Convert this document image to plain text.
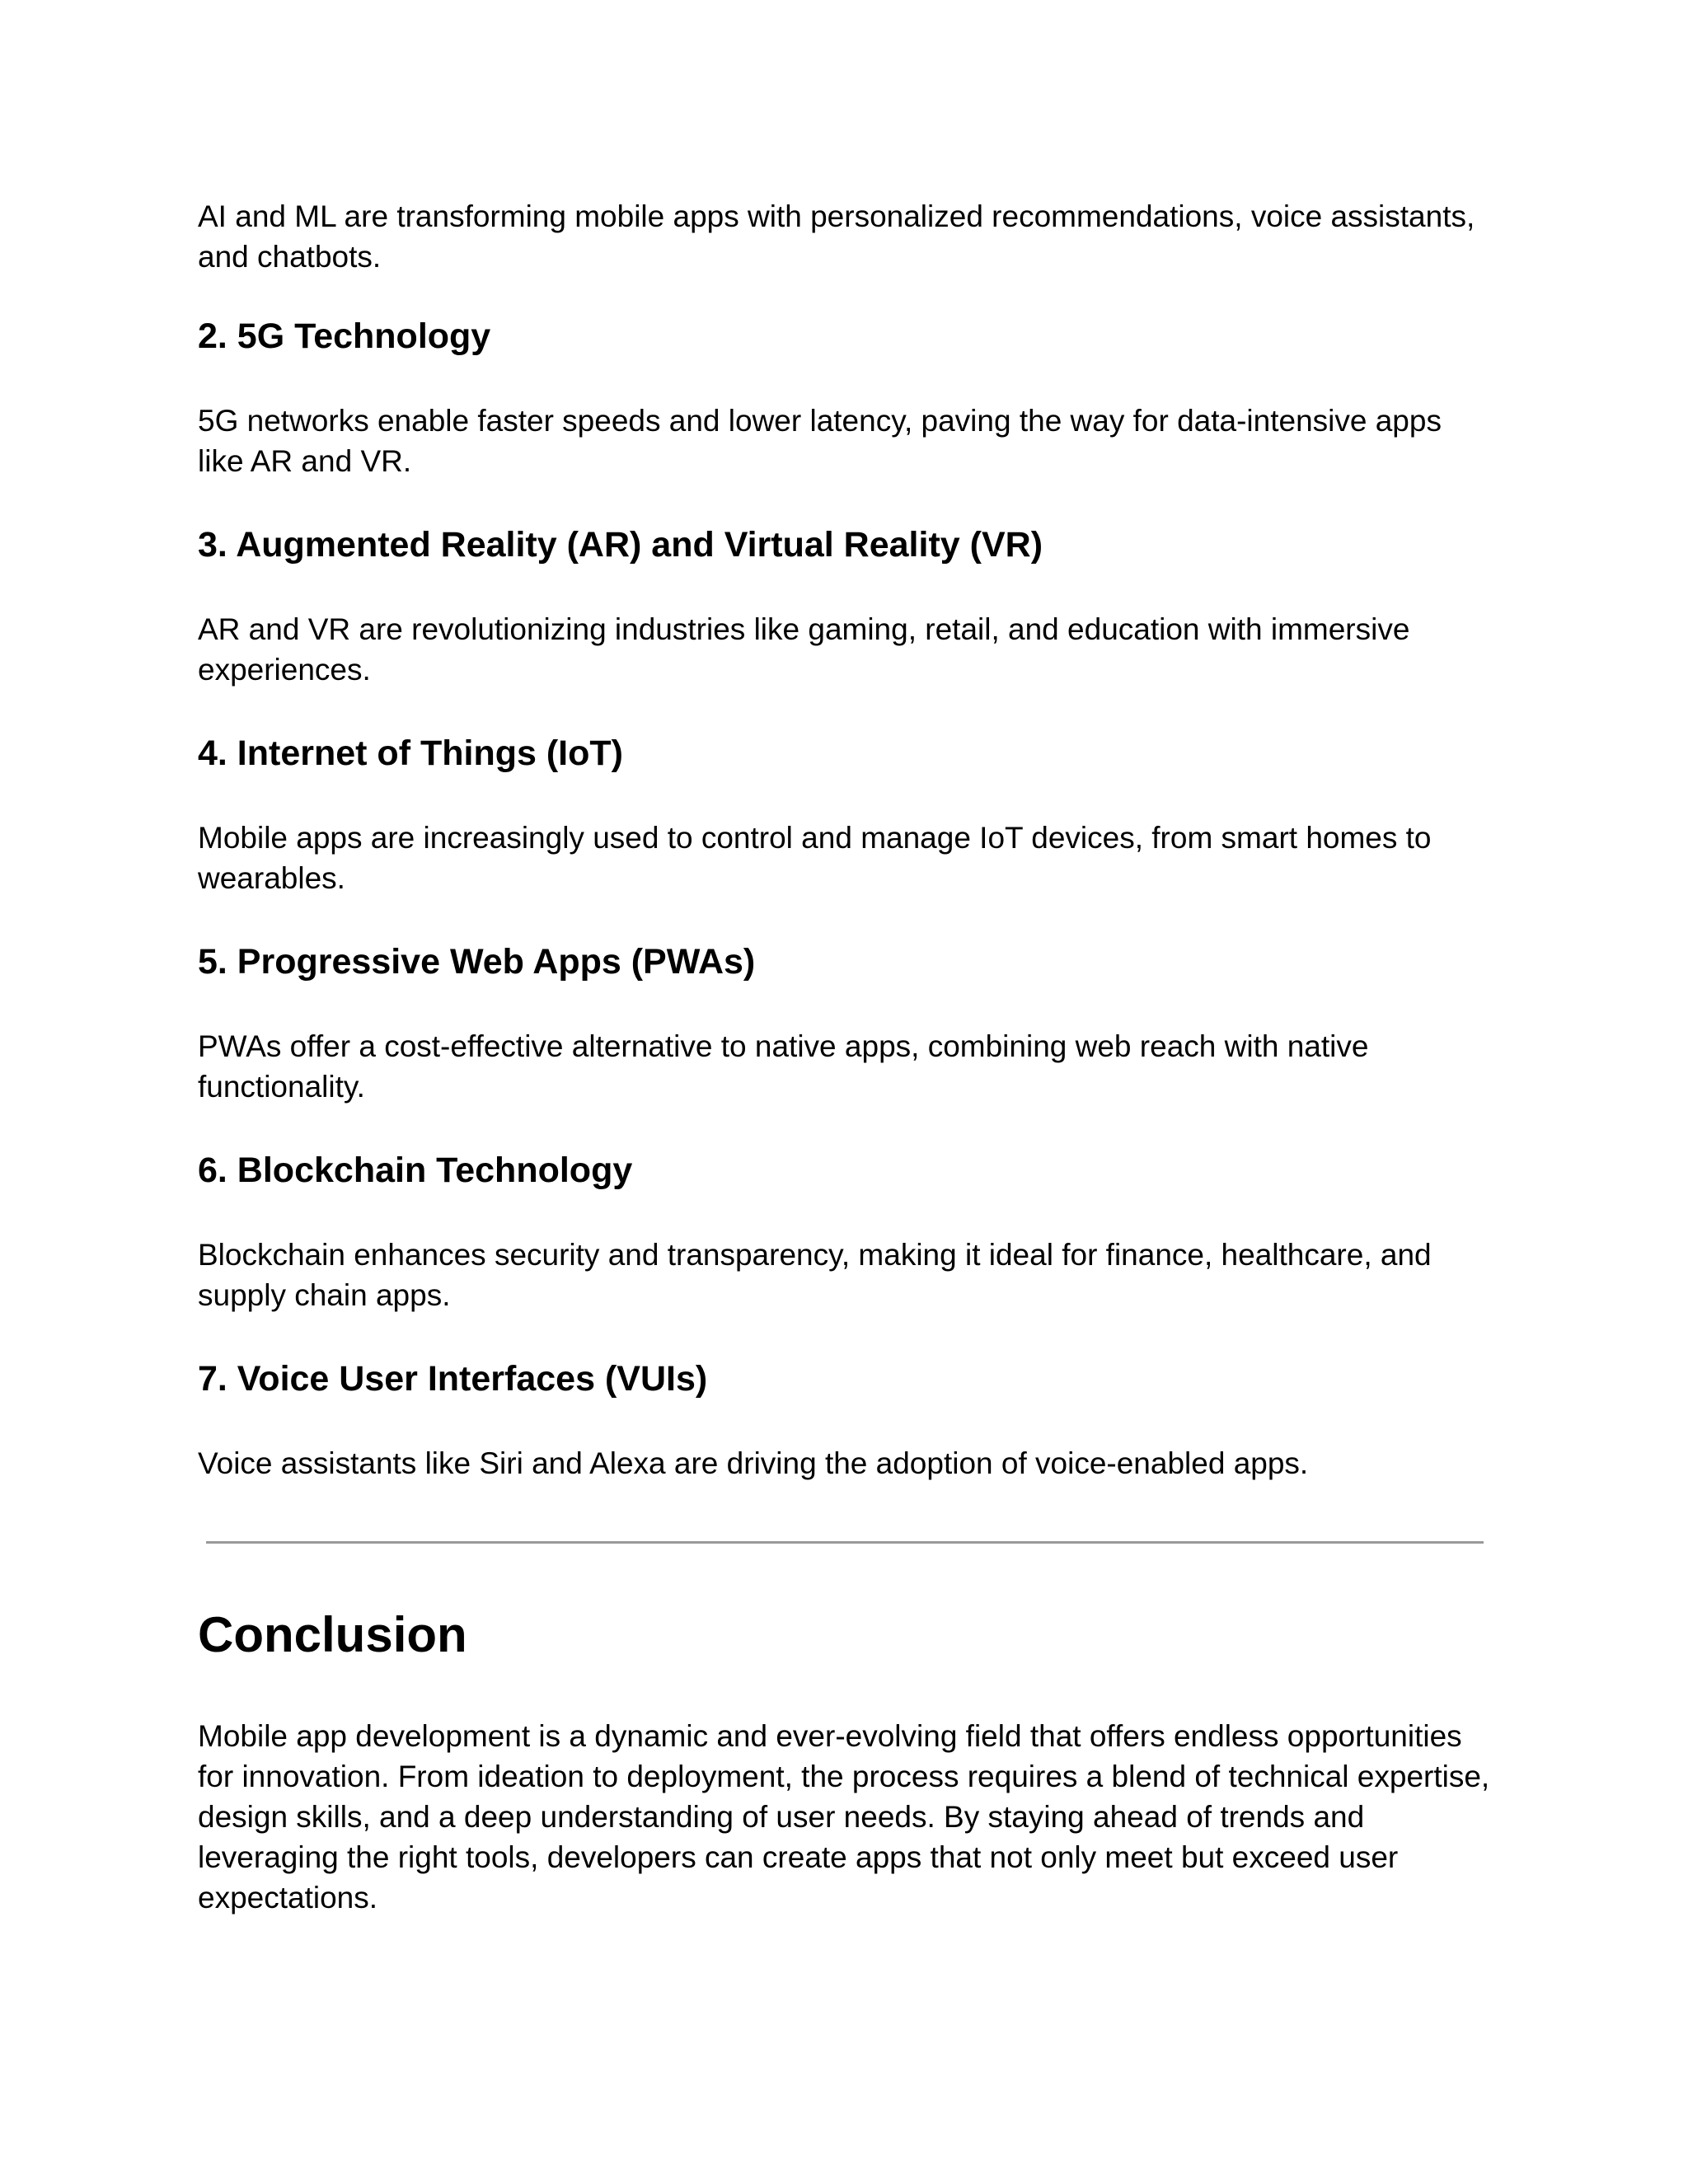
AI and ML are transforming mobile apps with personalized recommendations, voice assistants, and chatbots.

2. 5G Technology

5G networks enable faster speeds and lower latency, paving the way for data-intensive apps like AR and VR.

3. Augmented Reality (AR) and Virtual Reality (VR)

AR and VR are revolutionizing industries like gaming, retail, and education with immersive experiences.

4. Internet of Things (IoT)

Mobile apps are increasingly used to control and manage IoT devices, from smart homes to wearables.

5. Progressive Web Apps (PWAs)

PWAs offer a cost-effective alternative to native apps, combining web reach with native functionality.

6. Blockchain Technology

Blockchain enhances security and transparency, making it ideal for finance, healthcare, and supply chain apps.

7. Voice User Interfaces (VUIs)

Voice assistants like Siri and Alexa are driving the adoption of voice-enabled apps.

Conclusion

Mobile app development is a dynamic and ever-evolving field that offers endless opportunities for innovation. From ideation to deployment, the process requires a blend of technical expertise, design skills, and a deep understanding of user needs. By staying ahead of trends and leveraging the right tools, developers can create apps that not only meet but exceed user expectations.
